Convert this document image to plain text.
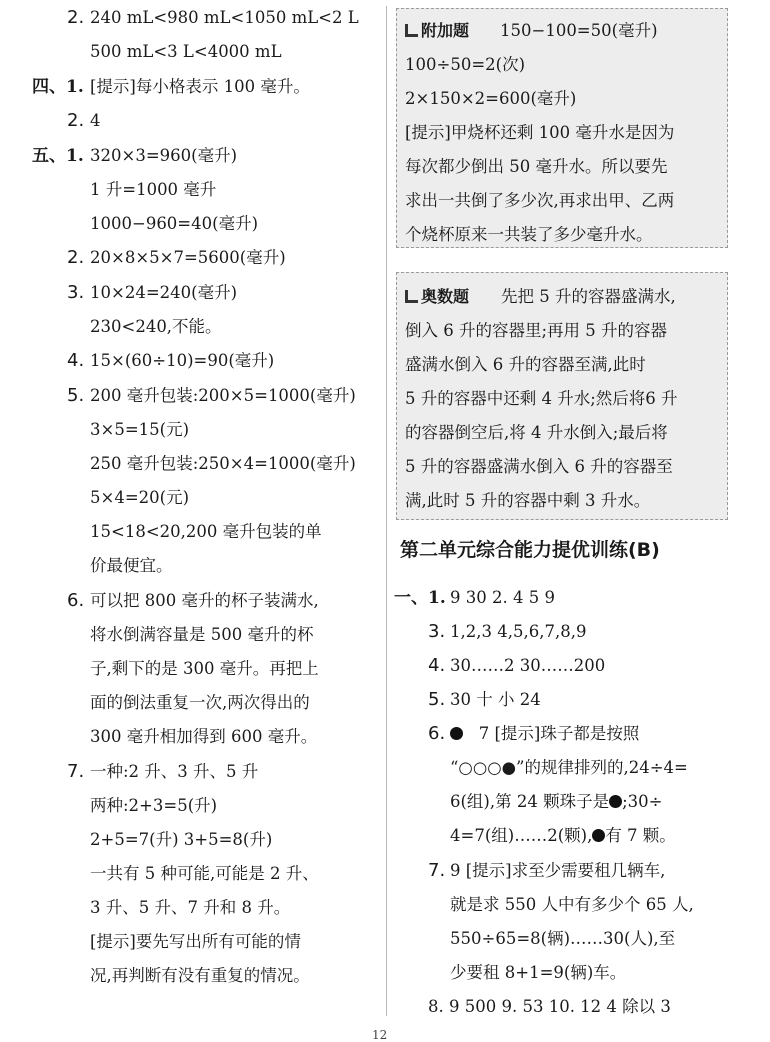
2. 240 mL<980 mL<1050 mL<2 L
500 mL<3 L<4000 mL
四、1. [提示]每小格表示 100 毫升。
2. 4
五、1. 320×3=960(毫升)
1 升=1000 毫升
1000−960=40(毫升)
2. 20×8×5×7=5600(毫升)
3. 10×24=240(毫升)
230<240,不能。
4. 15×(60÷10)=90(毫升)
5. 200 毫升包装:200×5=1000(毫升)
3×5=15(元)
250 毫升包装:250×4=1000(毫升)
5×4=20(元)
15<18<20,200 毫升包装的单
价最便宜。
6. 可以把 800 毫升的杯子装满水,
将水倒满容量是 500 毫升的杯
子,剩下的是 300 毫升。再把上
面的倒法重复一次,两次得出的
300 毫升相加得到 600 毫升。
7. 一种:2 升、3 升、5 升
两种:2+3=5(升)
2+5=7(升) 3+5=8(升)
一共有 5 种可能,可能是 2 升、
3 升、5 升、7 升和 8 升。
[提示]要先写出所有可能的情
况,再判断有没有重复的情况。
附加题 150−100=50(毫升)
100÷50=2(次)
2×150×2=600(毫升)
[提示]甲烧杯还剩 100 毫升水是因为
每次都少倒出 50 毫升水。所以要先
求出一共倒了多少次,再求出甲、乙两
个烧杯原来一共装了多少毫升水。
奥数题 先把 5 升的容器盛满水,
倒入 6 升的容器里;再用 5 升的容器
盛满水倒入 6 升的容器至满,此时
5 升的容器中还剩 4 升水;然后将6 升
的容器倒空后,将 4 升水倒入;最后将
5 升的容器盛满水倒入 6 升的容器至
满,此时 5 升的容器中剩 3 升水。
第二单元综合能力提优训练(B)
一、1. 9 30 2. 4 5 9
3. 1,2,3 4,5,6,7,8,9
4. 30……2 30……200
5. 30 十 小 24
6.	7 [提示]珠子都是按照
“○○○●”的规律排列的,24÷4=
6(组),第 24 颗珠子是 ;30÷
4=7(组)……2(颗), 有 7 颗。
7. 9 [提示]求至少需要租几辆车,
就是求 550 人中有多少个 65 人,
550÷65=8(辆)……30(人),至
少要租 8+1=9(辆)车。
8. 9 500 9. 53 10. 12 4 除以 3
12
